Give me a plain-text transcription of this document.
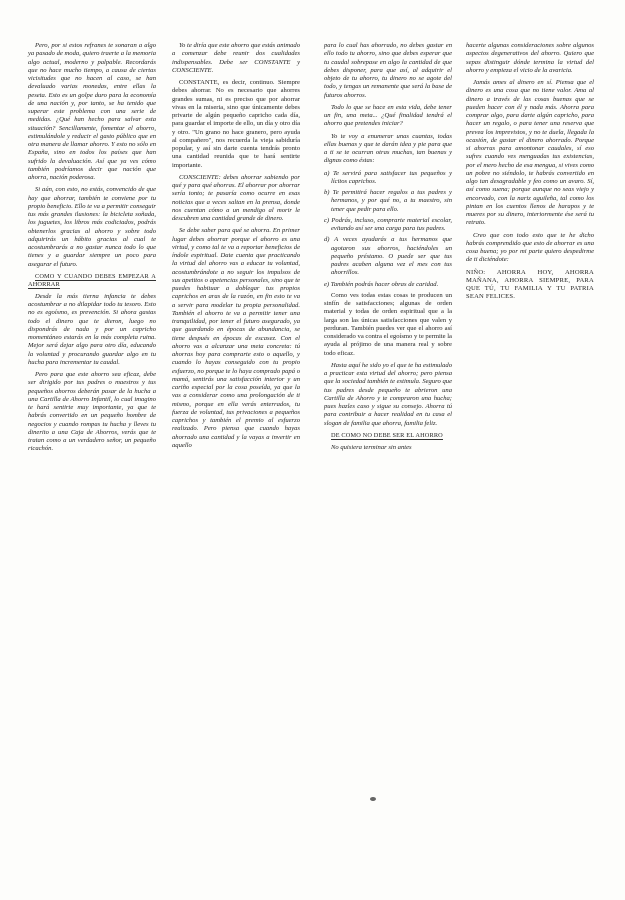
Pero, por si estos refranes te sonaran a algo ya pasado de moda, quiero traerte a la memoria algo actual, moderno y palpable. Recordarás que no hace mucho tiempo, a causa de ciertas vicisitudes que no hacen al caso, se han devaluado varias monedas, entre ellas la peseta. Esto es un golpe duro para la economía de una nación y, por tanto, se ha tenido que superar este problema con una serie de medidas. ¿Qué han hecho para salvar esta situación? Sencillamente, fomentar el ahorro, estimulándole y reducir el gasto público que en otra manera de llamar ahorro. Y esto no sólo en España, sino en todos los países que han sufrido la devaluación. Así que ya ves cómo también podríamos decir que nación que ahorra, nación poderosa.

Si aún, con esto, no estás, convencido de que hay que ahorrar, también te conviene por tu propio beneficio. Ello te va a permitir conseguir tus más grandes ilusiones: la bicicleta soñada, los juguetes, los libros más codiciados, podrás obtenerlos gracias al ahorro y sobre todo adquirirás un hábito gracias al cual te acostumbrarás a no gastar nunca todo lo que tienes y a guardar siempre un poco para asegurar el futuro.

COMO Y CUANDO DEBES EMPEZAR A AHORRAR

Desde la más tierna infancia te debes acostumbrar a no dilapidar todo tu tesoro. Esto no es egoísmo, es prevención. Si ahora gastas todo el dinero que te dieron, luego no dispondrás de nada y por un capricho momentáneo estarás en la más completa ruina. Mejor será dejar algo para otro día, educando la voluntad y procurando guardar algo en tu hucha para incrementar tu caudal.

Pero para que este ahorro sea eficaz, debe ser dirigido por tus padres o maestros y tus pequeños ahorros deberán pasar de la hucha a una Cartilla de Ahorro Infantil, lo cual imagino te hará sentirte muy importante, ya que te habrás convertido en un pequeño hombre de negocios y cuando rompas tu hucha y lleves tu dinerito a una Caja de Ahorros, verás que te tratan como a un verdadero señor, un pequeño ricachón.

Yo te diría que este ahorro que estás animado a comenzar debe reunir dos cualidades indispensables. Debe ser CONSTANTE y CONSCIENTE.

CONSTANTE, es decir, continuo. Siempre debes ahorrar. No es necesario que ahorres grandes sumas, ni es preciso que por ahorrar vivas en la miseria, sino que únicamente debes privarte de algún pequeño capricho cada día, para guardar el importe de ello, un día y otro día y otro. "Un grano no hace granero, pero ayuda al compañero", nos recuerda la vieja sabiduría popular, y así sin darte cuenta tendrás pronto una cantidad reunida que te hará sentirte importante.

CONSCIENTE: debes ahorrar sabiendo por qué y para qué ahorras. El ahorrar por ahorrar sería tonto; te pasaría como ocurre en esas noticias que a veces saltan en la prensa, donde nos cuentan cómo a un mendigo al morir le descubren una cantidad grande de dinero.

Se debe saber para qué se ahorra. En primer lugar debes ahorrar porque el ahorro es una virtud, y como tal te va a reportar beneficios de índole espiritual. Date cuenta que practicando la virtud del ahorro vas a educar tu voluntad, acostumbrándote a no seguir los impulsos de sus apetitos o apetencias personales, sino que te puedes habituar a doblegar tus propios caprichos en aras de la razón, en fin esto te va a servir para modelar tu propia personalidad. También el ahorro te va a permitir tener una tranquilidad, por tener el futuro asegurado, ya que guardando en épocas de abundancia, se tiene después en épocas de escasez. Con el ahorro vas a alcanzar una meta concreta: tú ahorras hoy para comprarte esto o aquello, y cuando lo hayas conseguido con tu propio esfuerzo, no porque te lo haya comprado papá o mamá, sentirás una satisfacción interior y un cariño especial por la cosa poseída, ya que la vas a considerar como una prolongación de ti mismo, porque en ella verás enterrados, tu fuerza de voluntad, tus privaciones a pequeños caprichos y también el premio al esfuerzo realizado. Pero piensa que cuando hayas ahorrado una cantidad y la vayas a invertir en aquello

para lo cual has ahorrado, no debes gastar en ello todo tu ahorro, sino que debes esperar que tu caudal sobrepase en algo la cantidad de que debes disponer, para que así, al adquirir el objeto de tu ahorro, tu dinero no se agote del todo, y tengas un remanente que será la base de futuros ahorros.

Todo lo que se hace en esta vida, debe tener un fin, una meta... ¿Qué finalidad tendrá el ahorro que pretendes iniciar?

Yo te voy a enumerar unas cuantas, todas ellas buenas y que te darán idea y pie para que a ti se te ocurran otras muchas, tan buenas y dignas como éstas:

a) Te servirá para satisfacer tus pequeños y lícitos caprichos.
b) Te permitirá hacer regalos a tus padres y hermanos, y por qué no, a tu maestro, sin tener que pedir para ello.
c) Podrás, incluso, comprarte material escolar, evitando así ser una carga para tus padres.
d) A veces ayudarás a tus hermanos que agotaron sus ahorros, haciéndoles un pequeño préstamo. O puede ser que tus padres acaben alguna vez el mes con tus ahorrillos.
e) También podrás hacer obras de caridad.

Como ves todas estas cosas te producen un sinfín de satisfacciones; algunas de orden material y todas de orden espiritual que a la larga son las únicas satisfacciones que valen y perduran. También puedes ver que el ahorro así considerado va contra el egoísmo y te permite la ayuda al prójimo de una manera real y sobre todo eficaz.

Hasta aquí he sido yo el que te ha estimulado a practicar esta virtud del ahorro; pero piensa que la sociedad también te estimula. Seguro que tus padres desde pequeño te abrieron una Cartilla de Ahorro y te compraron una hucha; pues hazles caso y sigue su consejo. Ahorra tú para contribuir a hacer realidad en tu casa el slogan de familia que ahorra, familia feliz.

DE COMO NO DEBE SER EL AHORRO

No quisiera terminar sin antes

hacerte algunas consideraciones sobre algunos aspectos degenerativos del ahorro. Quiero que sepas distinguir dónde termina la virtud del ahorro y empieza el vicio de la avaricia.

Jamás ames al dinero en sí. Piensa que el dinero es una cosa que no tiene valor. Ama al dinero a través de las cosas buenas que se pueden hacer con él y nada más. Ahorra para comprar algo, para darte algún capricho, para hacer un regalo, o para tener una reserva que prevea los imprevistos, y no te duela, llegada la ocasión, de gastar el dinero ahorrado. Porque si ahorras para amontonar caudales, sí eso sufres cuando ves menguadas tus existencias, por el mero hecho de esa mengua, si vives como un pobre no siéndolo, te habrás convertido en algo tan desagradable y feo como un avaro. Sí, así como suena; porque aunque no seas viejo y encorvado, con la nariz aguileña, tal como los pintan en los cuentos llenos de harapos y te mueres por su dinero, interiormente ése será tu retrato.

Creo que con todo esto que te he dicho habrás comprendido que esto de ahorrar es una cosa buena; yo por mi parte quiero despedirme de ti diciéndote:

NIÑO: AHORRA HOY, AHORRA MAÑANA, AHORRA SIEMPRE, PARA QUE TÚ, TU FAMILIA Y TU PATRIA SEAN FELICES.
